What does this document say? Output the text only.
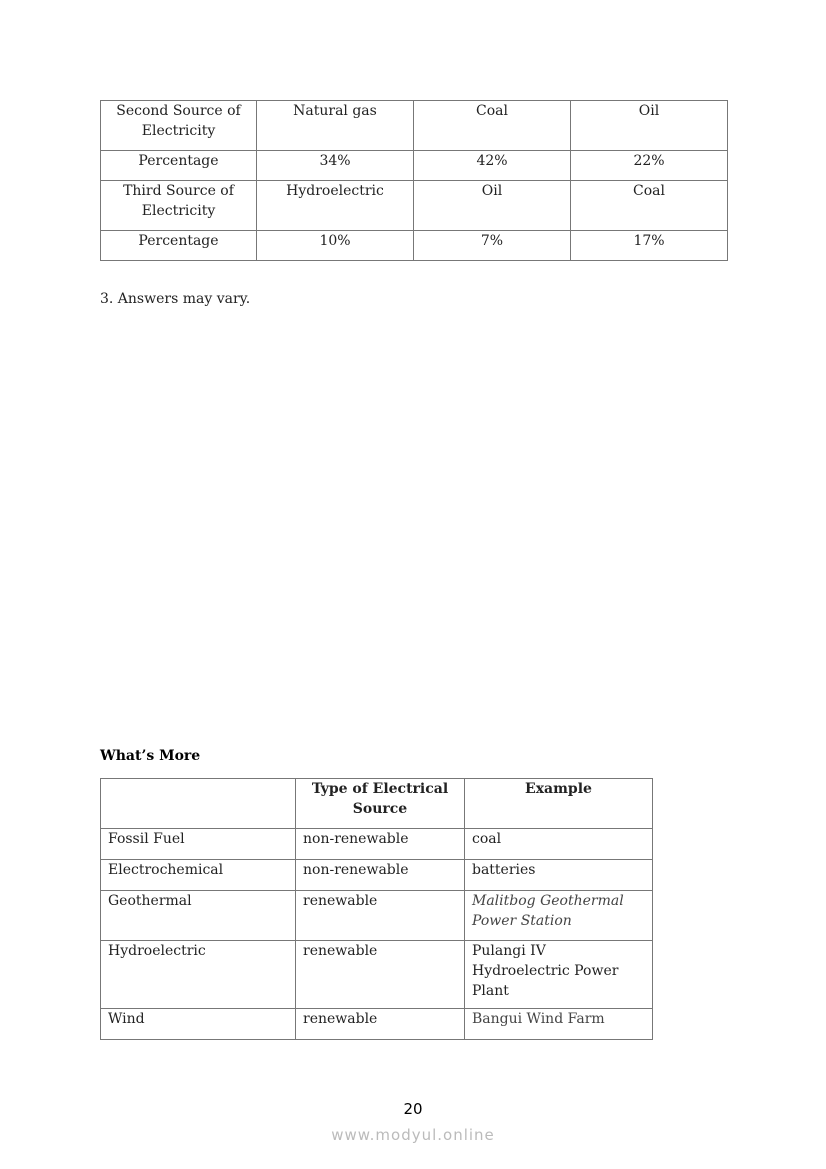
Second Source of Electricity	Natural gas	Coal	Oil
Percentage	34%	42%	22%
Third Source of Electricity	Hydroelectric	Oil	Coal
Percentage	10%	7%	17%
3. Answers may vary.
What’s More
	Type of Electrical Source	Example
Fossil Fuel	non-renewable	coal
Electrochemical	non-renewable	batteries
Geothermal	renewable	Malitbog Geothermal Power Station
Hydroelectric	renewable	Pulangi IV Hydroelectric Power Plant
Wind	renewable	Bangui Wind Farm
20
www.modyul.online
